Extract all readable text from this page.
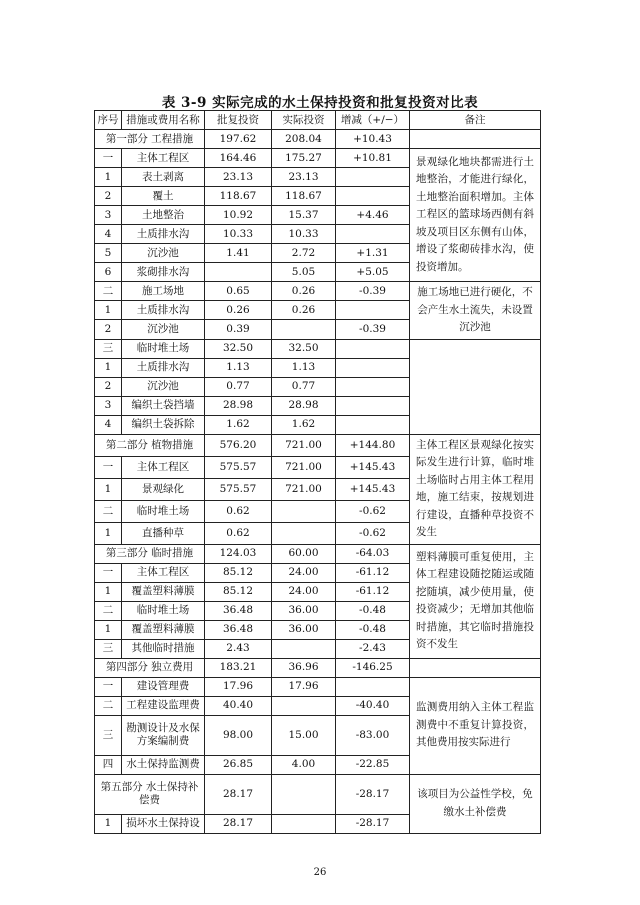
表 3-9 实际完成的水土保持投资和批复投资对比表
序号	措施或费用名称	批复投资	实际投资	增减（+/−）	备注
第一部分 工程措施		197.62	208.04	+10.43	
一	主体工程区	164.46	175.27	+10.81	景观绿化地块都需进行土地整治，才能进行绿化，土地整治面积增加。主体工程区的篮球场西侧有斜坡及项目区东侧有山体，增设了浆砌砖排水沟，使投资增加。
1	表土剥离	23.13	23.13		
2	覆土	118.67	118.67		
3	土地整治	10.92	15.37	+4.46	
4	土质排水沟	10.33	10.33		
5	沉沙池	1.41	2.72	+1.31	
6	浆砌排水沟		5.05	+5.05	
二	施工场地	0.65	0.26	-0.39	施工场地已进行硬化，不会产生水土流失，未设置沉沙池
1	土质排水沟	0.26	0.26		
2	沉沙池	0.39		-0.39	
三	临时堆土场	32.50	32.50		
1	土质排水沟	1.13	1.13		
2	沉沙池	0.77	0.77		
3	编织土袋挡墙	28.98	28.98		
4	编织土袋拆除	1.62	1.62		
第二部分 植物措施		576.20	721.00	+144.80	主体工程区景观绿化按实际发生进行计算，临时堆土场临时占用主体工程用地，施工结束，按规划进行建设，直播种草投资不发生
一	主体工程区	575.57	721.00	+145.43	
1	景观绿化	575.57	721.00	+145.43	
二	临时堆土场	0.62		-0.62	
1	直播种草	0.62		-0.62	
第三部分 临时措施		124.03	60.00	-64.03	塑料薄膜可重复使用，主体工程建设随挖随运或随挖随填，减少使用量，使投资减少；无增加其他临时措施，其它临时措施投资不发生
一	主体工程区	85.12	24.00	-61.12	
1	覆盖塑料薄膜	85.12	24.00	-61.12	
二	临时堆土场	36.48	36.00	-0.48	
1	覆盖塑料薄膜	36.48	36.00	-0.48	
三	其他临时措施	2.43		-2.43	
第四部分 独立费用		183.21	36.96	-146.25	
一	建设管理费	17.96	17.96		监测费用纳入主体工程监测费中不重复计算投资，其他费用按实际进行
二	工程建设监理费	40.40		-40.40	
三	勘测设计及水保方案编制费	98.00	15.00	-83.00	
四	水土保持监测费	26.85	4.00	-22.85	
第五部分 水土保持补偿费		28.17		-28.17	该项目为公益性学校，免缴水土补偿费
1	损坏水土保持设	28.17		-28.17	
26
